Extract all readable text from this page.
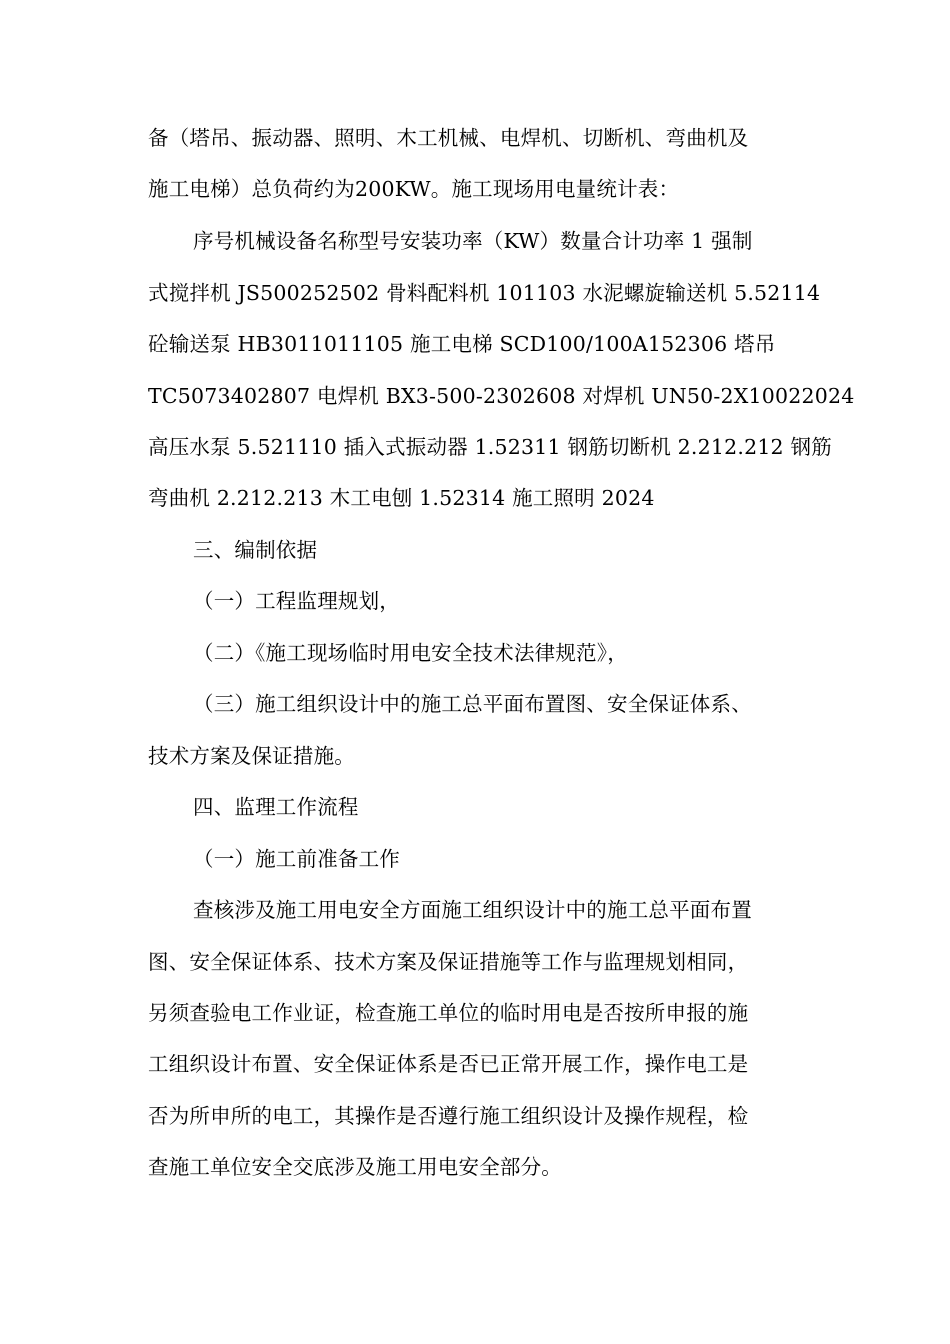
备（塔吊、振动器、照明、木工机械、电焊机、切断机、弯曲机及
施工电梯）总负荷约为200KW。施工现场用电量统计表：
序号机械设备名称型号安装功率（KW）数量合计功率 1 强制
式搅拌机 JS500252502 骨料配料机 101103 水泥螺旋输送机 5.52114
砼输送泵 HB3011011105 施工电梯 SCD100/100A152306 塔吊
TC5073402807 电焊机 BX3-500-2302608 对焊机 UN50-2X10022024
高压水泵 5.521110 插入式振动器 1.52311 钢筋切断机 2.212.212 钢筋
弯曲机 2.212.213 木工电刨 1.52314 施工照明 2024
三、编制依据
（一）工程监理规划，
（二）《施工现场临时用电安全技术法律规范》，
（三）施工组织设计中的施工总平面布置图、安全保证体系、
技术方案及保证措施。
四、监理工作流程
（一）施工前准备工作
查核涉及施工用电安全方面施工组织设计中的施工总平面布置
图、安全保证体系、技术方案及保证措施等工作与监理规划相同，
另须查验电工作业证，检查施工单位的临时用电是否按所申报的施
工组织设计布置、安全保证体系是否已正常开展工作，操作电工是
否为所申所的电工，其操作是否遵行施工组织设计及操作规程，检
查施工单位安全交底涉及施工用电安全部分。
